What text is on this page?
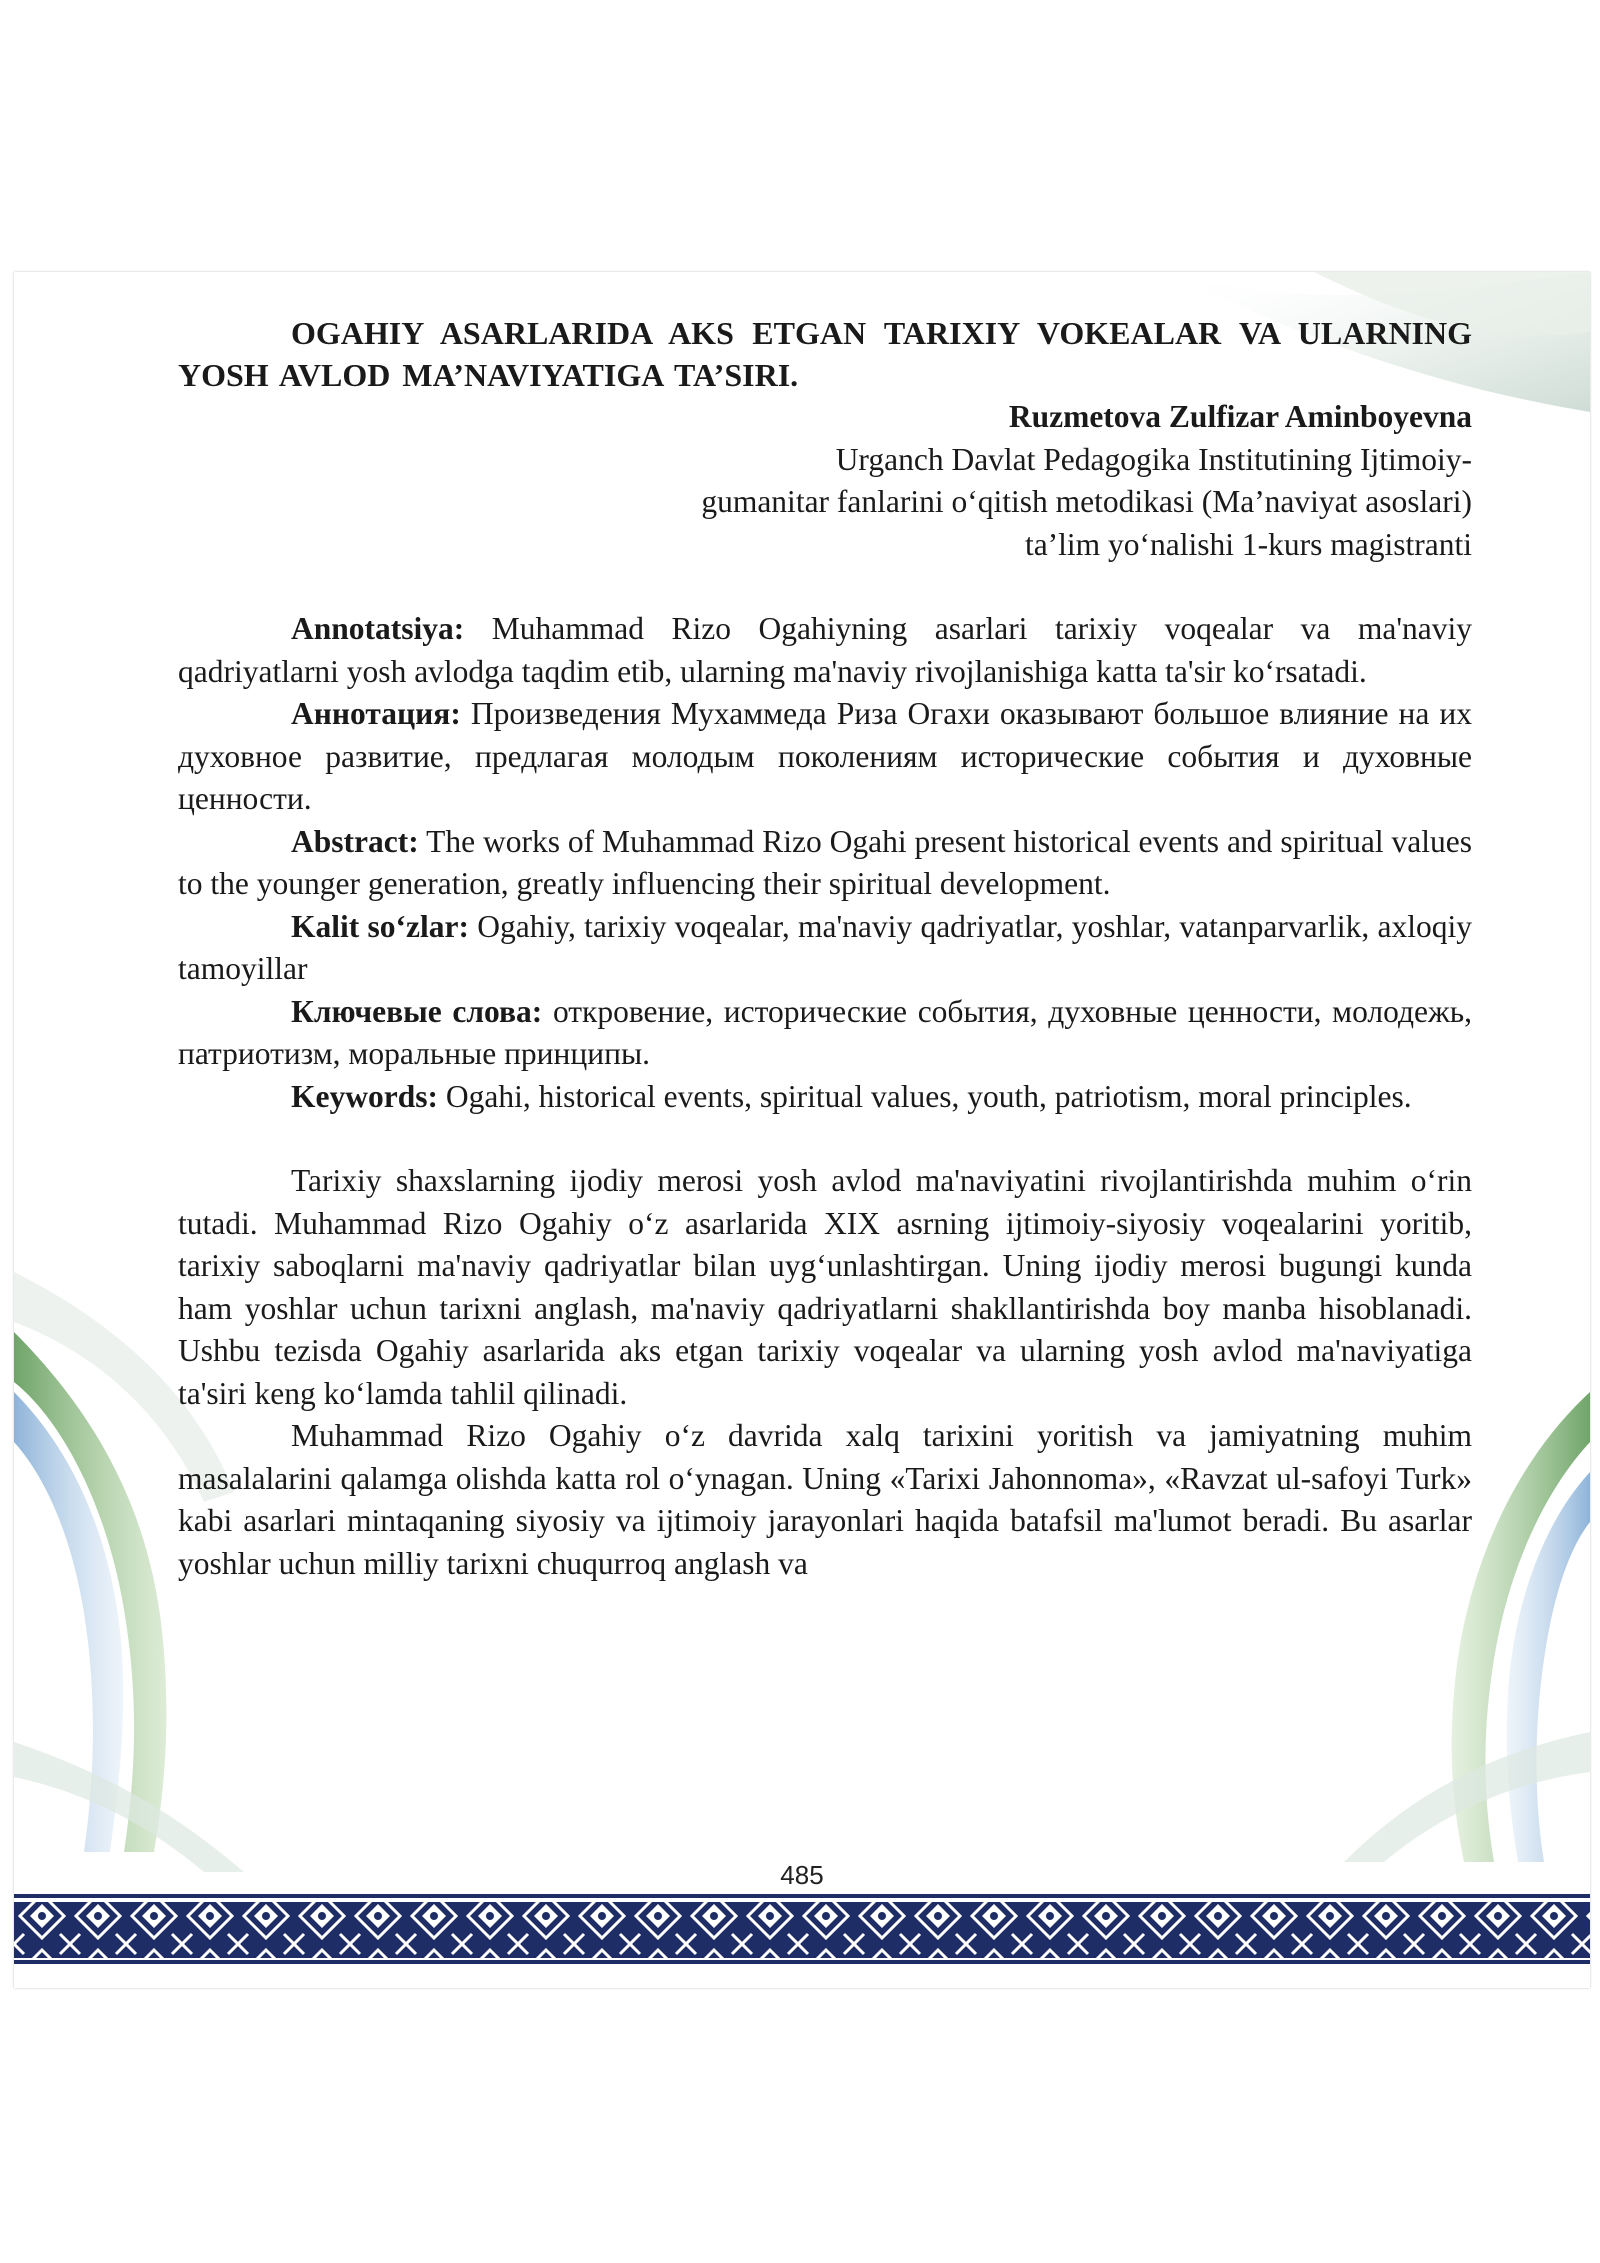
OGAHIY ASARLARIDA AKS ETGAN TARIXIY VOKEALAR VA ULARNING YOSH AVLOD MA’NAVIYATIGA TA’SIRI.

Ruzmetova Zulfizar Aminboyevna

Urganch Davlat Pedagogika Institutining Ijtimoiy-
gumanitar fanlarini o‘qitish metodikasi (Ma’naviyat asoslari)
ta’lim yo‘nalishi 1-kurs magistranti

Annotatsiya: Muhammad Rizo Ogahiyning asarlari tarixiy voqealar va ma'naviy qadriyatlarni yosh avlodga taqdim etib, ularning ma'naviy rivojlanishiga katta ta'sir ko‘rsatadi.

Аннотация: Произведения Мухаммеда Риза Огахи оказывают большое влияние на их духовное развитие, предлагая молодым поколениям исторические события и духовные ценности.

Abstract: The works of Muhammad Rizo Ogahi present historical events and spiritual values to the younger generation, greatly influencing their spiritual development.

Kalit so‘zlar: Ogahiy, tarixiy voqealar, ma'naviy qadriyatlar, yoshlar, vatanparvarlik, axloqiy tamoyillar

Ключевые слова: откровение, исторические события, духовные ценности, молодежь, патриотизм, моральные принципы.

Keywords: Ogahi, historical events, spiritual values, youth, patriotism, moral principles.

Tarixiy shaxslarning ijodiy merosi yosh avlod ma'naviyatini rivojlantirishda muhim o‘rin tutadi. Muhammad Rizo Ogahiy o‘z asarlarida XIX asrning ijtimoiy-siyosiy voqealarini yoritib, tarixiy saboqlarni ma'naviy qadriyatlar bilan uyg‘unlashtirgan. Uning ijodiy merosi bugungi kunda ham yoshlar uchun tarixni anglash, ma'naviy qadriyatlarni shakllantirishda boy manba hisoblanadi. Ushbu tezisda Ogahiy asarlarida aks etgan tarixiy voqealar va ularning yosh avlod ma'naviyatiga ta'siri keng ko‘lamda tahlil qilinadi.

Muhammad Rizo Ogahiy o‘z davrida xalq tarixini yoritish va jamiyatning muhim masalalarini qalamga olishda katta rol o‘ynagan. Uning «Tarixi Jahonnoma», «Ravzat ul-safoyi Turk» kabi asarlari mintaqaning siyosiy va ijtimoiy jarayonlari haqida batafsil ma'lumot beradi. Bu asarlar yoshlar uchun milliy tarixni chuqurroq anglash va

485
